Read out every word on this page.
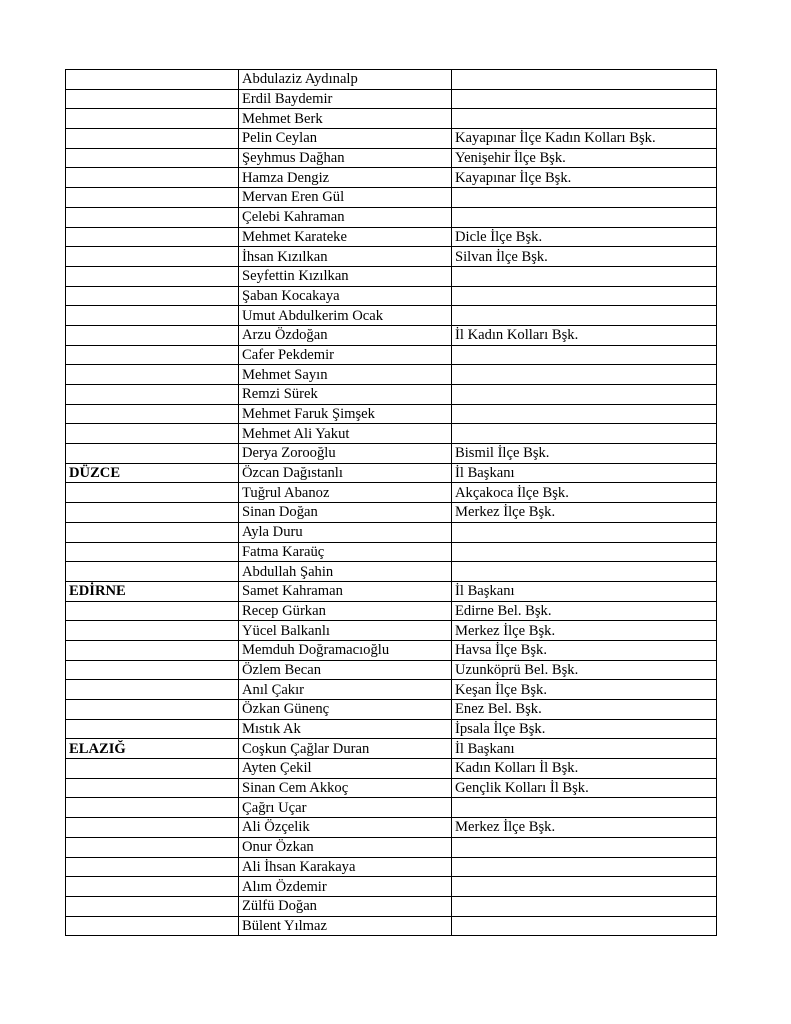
	Abdulaziz Aydınalp	
	Erdil Baydemir	
	Mehmet Berk	
	Pelin Ceylan	Kayapınar İlçe Kadın Kolları Bşk.
	Şeyhmus Dağhan	Yenişehir İlçe Bşk.
	Hamza Dengiz	Kayapınar İlçe Bşk.
	Mervan Eren Gül	
	Çelebi Kahraman	
	Mehmet Karateke	Dicle İlçe Bşk.
	İhsan Kızılkan	Silvan İlçe Bşk.
	Seyfettin Kızılkan	
	Şaban Kocakaya	
	Umut Abdulkerim Ocak	
	Arzu Özdoğan	İl Kadın Kolları Bşk.
	Cafer Pekdemir	
	Mehmet Sayın	
	Remzi Sürek	
	Mehmet Faruk Şimşek	
	Mehmet Ali Yakut	
	Derya Zorooğlu	Bismil İlçe Bşk.
DÜZCE	Özcan Dağıstanlı	İl Başkanı
	Tuğrul Abanoz	Akçakoca İlçe Bşk.
	Sinan Doğan	Merkez İlçe Bşk.
	Ayla Duru	
	Fatma Karaüç	
	Abdullah Şahin	
EDİRNE	Samet Kahraman	İl Başkanı
	Recep Gürkan	Edirne Bel. Bşk.
	Yücel Balkanlı	Merkez İlçe Bşk.
	Memduh Doğramacıoğlu	Havsa İlçe Bşk.
	Özlem Becan	Uzunköprü Bel. Bşk.
	Anıl Çakır	Keşan İlçe Bşk.
	Özkan Günenç	Enez Bel. Bşk.
	Mıstık Ak	İpsala İlçe Bşk.
ELAZIĞ	Coşkun Çağlar Duran	İl Başkanı
	Ayten Çekil	Kadın Kolları İl Bşk.
	Sinan Cem Akkoç	Gençlik Kolları İl Bşk.
	Çağrı Uçar	
	Ali Özçelik	Merkez İlçe Bşk.
	Onur Özkan	
	Ali İhsan Karakaya	
	Alım Özdemir	
	Zülfü Doğan	
	Bülent Yılmaz	
